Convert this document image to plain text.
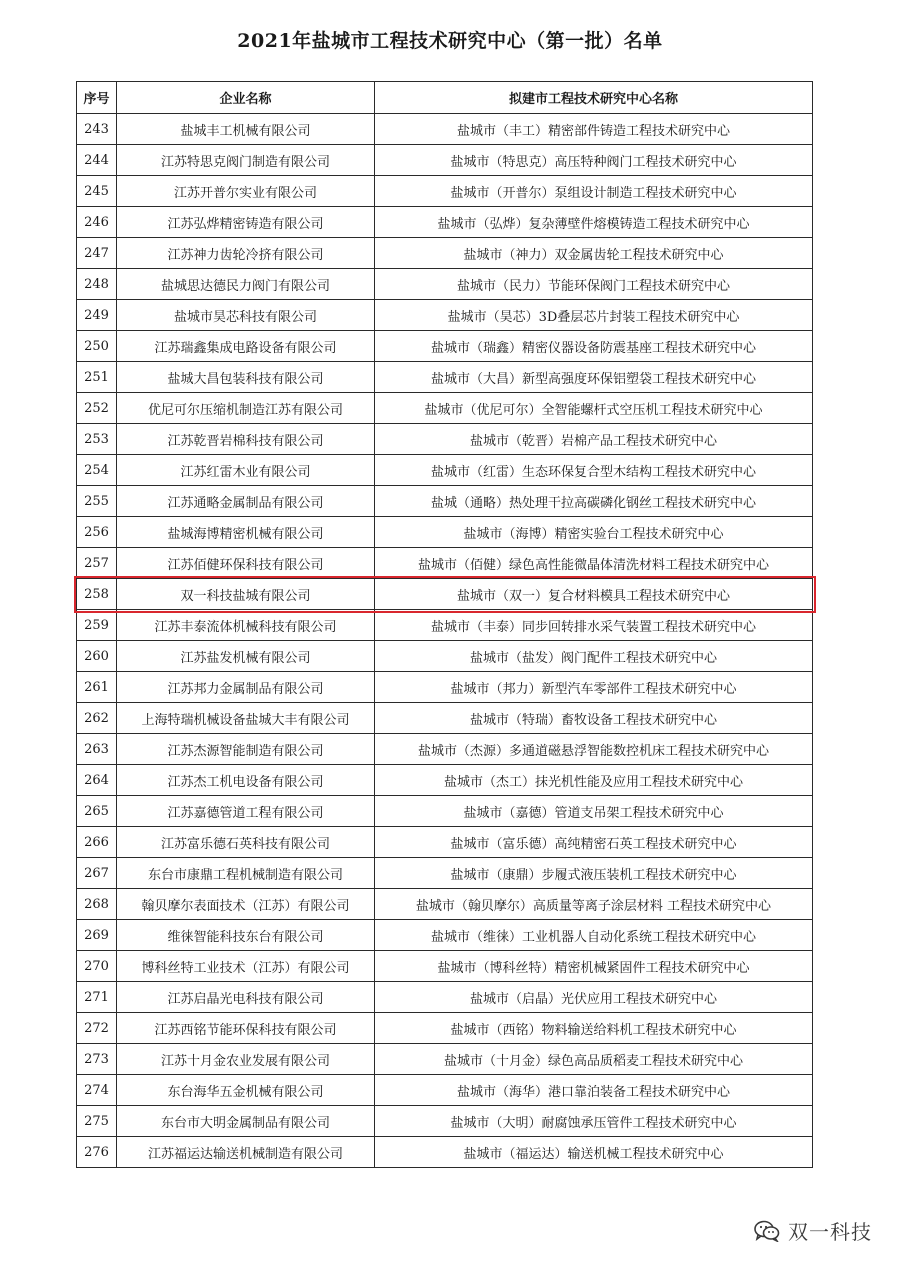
2021年盐城市工程技术研究中心（第一批）名单
序号	企业名称	拟建市工程技术研究中心名称
243	盐城丰工机械有限公司	盐城市（丰工）精密部件铸造工程技术研究中心
244	江苏特思克阀门制造有限公司	盐城市（特思克）高压特种阀门工程技术研究中心
245	江苏开普尔实业有限公司	盐城市（开普尔）泵组设计制造工程技术研究中心
246	江苏弘烨精密铸造有限公司	盐城市（弘烨）复杂薄壁件熔模铸造工程技术研究中心
247	江苏神力齿轮冷挤有限公司	盐城市（神力）双金属齿轮工程技术研究中心
248	盐城思达德民力阀门有限公司	盐城市（民力）节能环保阀门工程技术研究中心
249	盐城市昊芯科技有限公司	盐城市（昊芯）3D叠层芯片封装工程技术研究中心
250	江苏瑞鑫集成电路设备有限公司	盐城市（瑞鑫）精密仪器设备防震基座工程技术研究中心
251	盐城大昌包装科技有限公司	盐城市（大昌）新型高强度环保铝塑袋工程技术研究中心
252	优尼可尔压缩机制造江苏有限公司	盐城市（优尼可尔）全智能螺杆式空压机工程技术研究中心
253	江苏乾晋岩棉科技有限公司	盐城市（乾晋）岩棉产品工程技术研究中心
254	江苏红雷木业有限公司	盐城市（红雷）生态环保复合型木结构工程技术研究中心
255	江苏通略金属制品有限公司	盐城（通略）热处理干拉高碳磷化钢丝工程技术研究中心
256	盐城海博精密机械有限公司	盐城市（海博）精密实验台工程技术研究中心
257	江苏佰健环保科技有限公司	盐城市（佰健）绿色高性能微晶体清洗材料工程技术研究中心
258	双一科技盐城有限公司	盐城市（双一）复合材料模具工程技术研究中心
259	江苏丰泰流体机械科技有限公司	盐城市（丰泰）同步回转排水采气装置工程技术研究中心
260	江苏盐发机械有限公司	盐城市（盐发）阀门配件工程技术研究中心
261	江苏邦力金属制品有限公司	盐城市（邦力）新型汽车零部件工程技术研究中心
262	上海特瑞机械设备盐城大丰有限公司	盐城市（特瑞）畜牧设备工程技术研究中心
263	江苏杰源智能制造有限公司	盐城市（杰源）多通道磁悬浮智能数控机床工程技术研究中心
264	江苏杰工机电设备有限公司	盐城市（杰工）抹光机性能及应用工程技术研究中心
265	江苏嘉德管道工程有限公司	盐城市（嘉德）管道支吊架工程技术研究中心
266	江苏富乐德石英科技有限公司	盐城市（富乐德）高纯精密石英工程技术研究中心
267	东台市康鼎工程机械制造有限公司	盐城市（康鼎）步履式液压装机工程技术研究中心
268	翰贝摩尔表面技术（江苏）有限公司	盐城市（翰贝摩尔）高质量等离子涂层材料 工程技术研究中心
269	维徕智能科技东台有限公司	盐城市（维徕）工业机器人自动化系统工程技术研究中心
270	博科丝特工业技术（江苏）有限公司	盐城市（博科丝特）精密机械紧固件工程技术研究中心
271	江苏启晶光电科技有限公司	盐城市（启晶）光伏应用工程技术研究中心
272	江苏西铭节能环保科技有限公司	盐城市（西铭）物料输送给料机工程技术研究中心
273	江苏十月金农业发展有限公司	盐城市（十月金）绿色高品质稻麦工程技术研究中心
274	东台海华五金机械有限公司	盐城市（海华）港口靠泊装备工程技术研究中心
275	东台市大明金属制品有限公司	盐城市（大明）耐腐蚀承压管件工程技术研究中心
276	江苏福运达输送机械制造有限公司	盐城市（福运达）输送机械工程技术研究中心
双一科技
